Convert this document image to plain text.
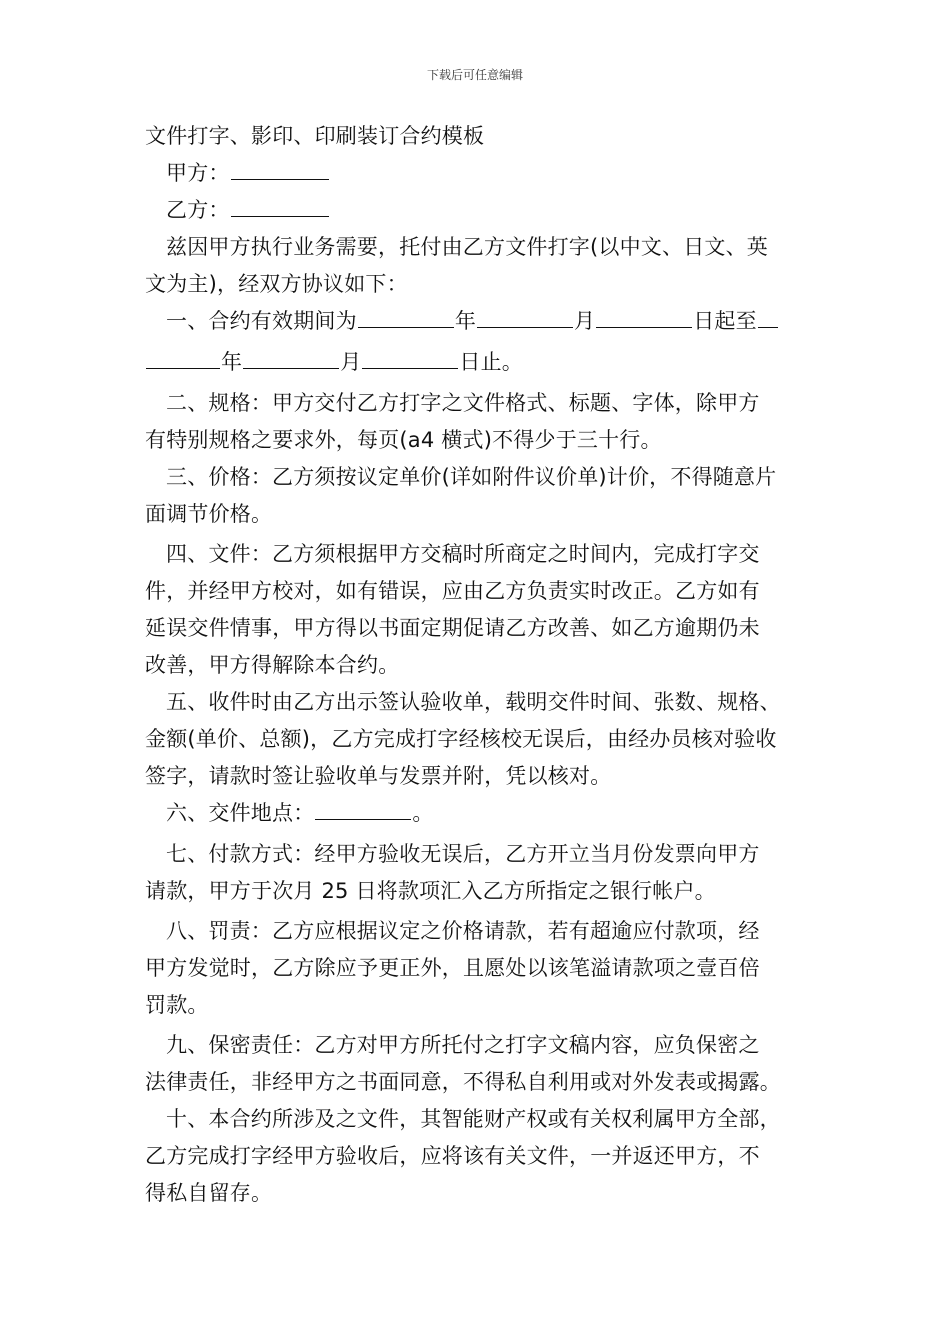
下载后可任意编辑
文件打字、影印、印刷装订合约模板
甲方：
乙方：
兹因甲方执行业务需要，托付由乙方文件打字(以中文、日文、英
文为主)，经双方协议如下：
一、合约有效期间为	年	月	日起至
年	月	日止。
二、规格：甲方交付乙方打字之文件格式、标题、字体，除甲方
有特别规格之要求外，每页(a4 横式)不得少于三十行。
三、价格：乙方须按议定单价(详如附件议价单)计价，不得随意片
面调节价格。
四、文件：乙方须根据甲方交稿时所商定之时间内，完成打字交
件，并经甲方校对，如有错误，应由乙方负责实时改正。乙方如有
延误交件情事，甲方得以书面定期促请乙方改善、如乙方逾期仍未
改善，甲方得解除本合约。
五、收件时由乙方出示签认验收单，载明交件时间、张数、规格、
金额(单价、总额)，乙方完成打字经核校无误后，由经办员核对验收
签字，请款时签让验收单与发票并附，凭以核对。
六、交件地点：	。
七、付款方式：经甲方验收无误后，乙方开立当月份发票向甲方
请款，甲方于次月 25 日将款项汇入乙方所指定之银行帐户。
八、罚责：乙方应根据议定之价格请款，若有超逾应付款项，经
甲方发觉时，乙方除应予更正外，且愿处以该笔溢请款项之壹百倍
罚款。
九、保密责任：乙方对甲方所托付之打字文稿内容，应负保密之
法律责任，非经甲方之书面同意，不得私自利用或对外发表或揭露。
十、本合约所涉及之文件，其智能财产权或有关权利属甲方全部，
乙方完成打字经甲方验收后，应将该有关文件，一并返还甲方，不
得私自留存。
